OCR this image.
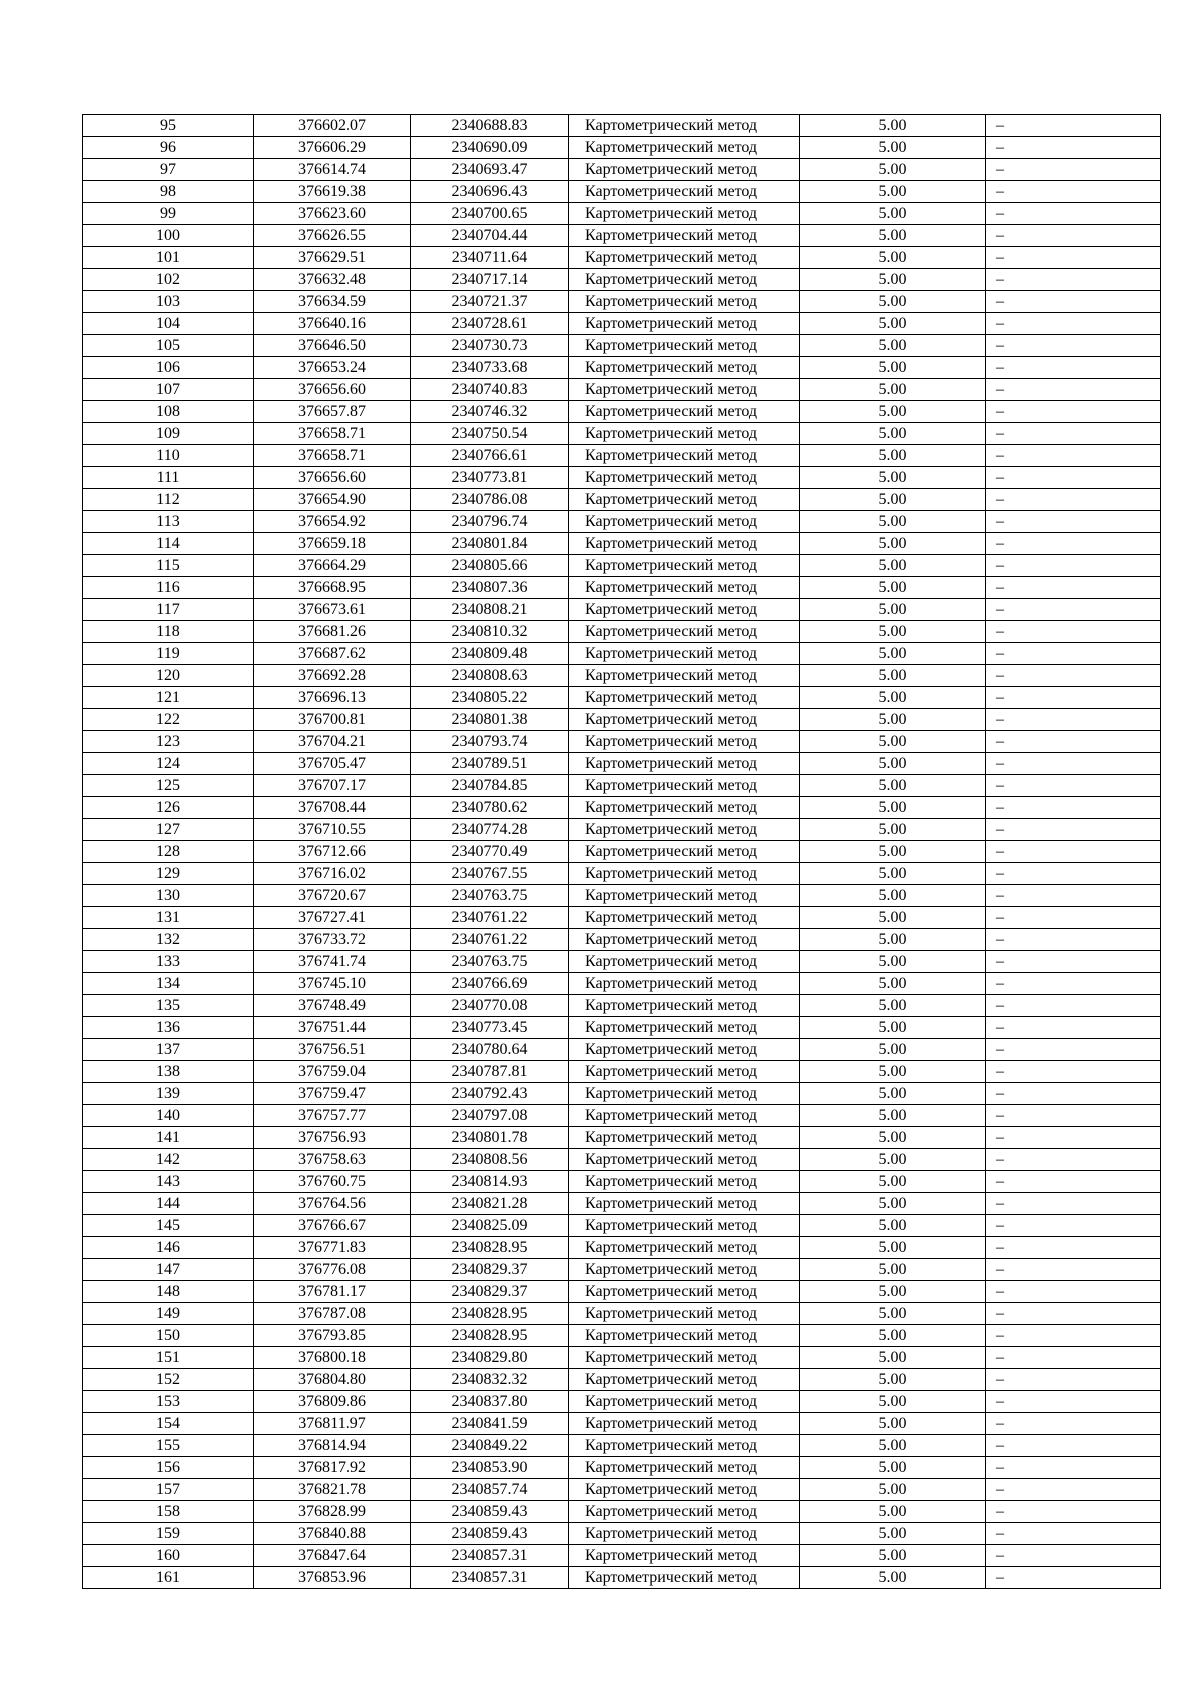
95	376602.07	2340688.83	Картометрический метод	5.00	–
96	376606.29	2340690.09	Картометрический метод	5.00	–
97	376614.74	2340693.47	Картометрический метод	5.00	–
98	376619.38	2340696.43	Картометрический метод	5.00	–
99	376623.60	2340700.65	Картометрический метод	5.00	–
100	376626.55	2340704.44	Картометрический метод	5.00	–
101	376629.51	2340711.64	Картометрический метод	5.00	–
102	376632.48	2340717.14	Картометрический метод	5.00	–
103	376634.59	2340721.37	Картометрический метод	5.00	–
104	376640.16	2340728.61	Картометрический метод	5.00	–
105	376646.50	2340730.73	Картометрический метод	5.00	–
106	376653.24	2340733.68	Картометрический метод	5.00	–
107	376656.60	2340740.83	Картометрический метод	5.00	–
108	376657.87	2340746.32	Картометрический метод	5.00	–
109	376658.71	2340750.54	Картометрический метод	5.00	–
110	376658.71	2340766.61	Картометрический метод	5.00	–
111	376656.60	2340773.81	Картометрический метод	5.00	–
112	376654.90	2340786.08	Картометрический метод	5.00	–
113	376654.92	2340796.74	Картометрический метод	5.00	–
114	376659.18	2340801.84	Картометрический метод	5.00	–
115	376664.29	2340805.66	Картометрический метод	5.00	–
116	376668.95	2340807.36	Картометрический метод	5.00	–
117	376673.61	2340808.21	Картометрический метод	5.00	–
118	376681.26	2340810.32	Картометрический метод	5.00	–
119	376687.62	2340809.48	Картометрический метод	5.00	–
120	376692.28	2340808.63	Картометрический метод	5.00	–
121	376696.13	2340805.22	Картометрический метод	5.00	–
122	376700.81	2340801.38	Картометрический метод	5.00	–
123	376704.21	2340793.74	Картометрический метод	5.00	–
124	376705.47	2340789.51	Картометрический метод	5.00	–
125	376707.17	2340784.85	Картометрический метод	5.00	–
126	376708.44	2340780.62	Картометрический метод	5.00	–
127	376710.55	2340774.28	Картометрический метод	5.00	–
128	376712.66	2340770.49	Картометрический метод	5.00	–
129	376716.02	2340767.55	Картометрический метод	5.00	–
130	376720.67	2340763.75	Картометрический метод	5.00	–
131	376727.41	2340761.22	Картометрический метод	5.00	–
132	376733.72	2340761.22	Картометрический метод	5.00	–
133	376741.74	2340763.75	Картометрический метод	5.00	–
134	376745.10	2340766.69	Картометрический метод	5.00	–
135	376748.49	2340770.08	Картометрический метод	5.00	–
136	376751.44	2340773.45	Картометрический метод	5.00	–
137	376756.51	2340780.64	Картометрический метод	5.00	–
138	376759.04	2340787.81	Картометрический метод	5.00	–
139	376759.47	2340792.43	Картометрический метод	5.00	–
140	376757.77	2340797.08	Картометрический метод	5.00	–
141	376756.93	2340801.78	Картометрический метод	5.00	–
142	376758.63	2340808.56	Картометрический метод	5.00	–
143	376760.75	2340814.93	Картометрический метод	5.00	–
144	376764.56	2340821.28	Картометрический метод	5.00	–
145	376766.67	2340825.09	Картометрический метод	5.00	–
146	376771.83	2340828.95	Картометрический метод	5.00	–
147	376776.08	2340829.37	Картометрический метод	5.00	–
148	376781.17	2340829.37	Картометрический метод	5.00	–
149	376787.08	2340828.95	Картометрический метод	5.00	–
150	376793.85	2340828.95	Картометрический метод	5.00	–
151	376800.18	2340829.80	Картометрический метод	5.00	–
152	376804.80	2340832.32	Картометрический метод	5.00	–
153	376809.86	2340837.80	Картометрический метод	5.00	–
154	376811.97	2340841.59	Картометрический метод	5.00	–
155	376814.94	2340849.22	Картометрический метод	5.00	–
156	376817.92	2340853.90	Картометрический метод	5.00	–
157	376821.78	2340857.74	Картометрический метод	5.00	–
158	376828.99	2340859.43	Картометрический метод	5.00	–
159	376840.88	2340859.43	Картометрический метод	5.00	–
160	376847.64	2340857.31	Картометрический метод	5.00	–
161	376853.96	2340857.31	Картометрический метод	5.00	–
